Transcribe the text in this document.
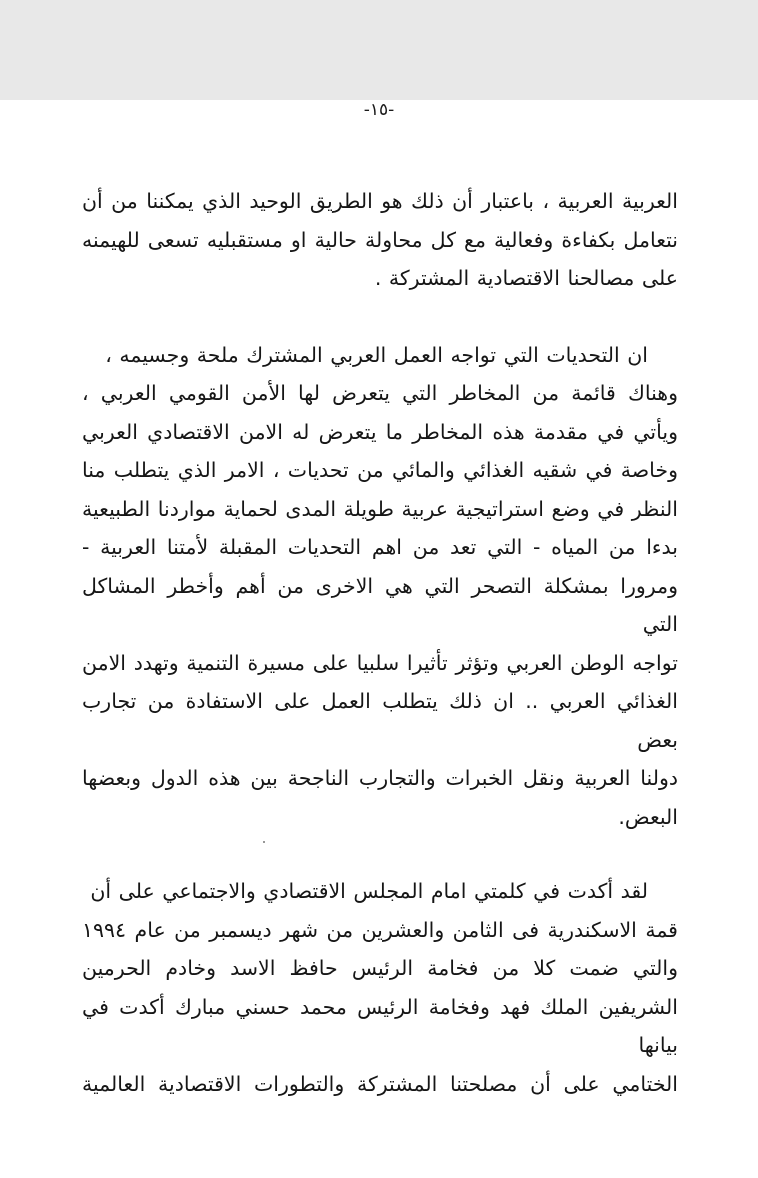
-١٥-
العربية العربية ، باعتبار أن ذلك هو الطريق الوحيد الذي يمكننا من أن
نتعامل بكفاءة وفعالية مع كل محاولة حالية او مستقبليه تسعى للهيمنه
على مصالحنا الاقتصادية المشتركة .
ان التحديات التي تواجه العمل العربي المشترك ملحة وجسيمه ،
وهناك قائمة من المخاطر التي يتعرض لها الأمن القومي العربي ،
ويأتي في مقدمة هذه المخاطر ما يتعرض له الامن الاقتصادي العربي
وخاصة في شقيه الغذائي والمائي من تحديات ، الامر الذي يتطلب منا
النظر في وضع استراتيجية عربية طويلة المدى لحماية مواردنا الطبيعية
بدءا من المياه - التي تعد من اهم التحديات المقبلة لأمتنا العربية -
ومرورا بمشكلة التصحر التي هي الاخرى من أهم وأخطر المشاكل التي
تواجه الوطن العربي وتؤثر تأثيرا سلبيا على مسيرة التنمية وتهدد الامن
الغذائي العربي .. ان ذلك يتطلب العمل على الاستفادة من تجارب بعض
دولنا العربية ونقل الخبرات والتجارب الناجحة بين هذه الدول وبعضها
البعض.
لقد أكدت في كلمتي امام المجلس الاقتصادي والاجتماعي على أن
قمة الاسكندرية فى الثامن والعشرين من شهر ديسمبر من عام ١٩٩٤
والتي ضمت كلا من فخامة الرئيس حافظ الاسد وخادم الحرمين
الشريفين الملك فهد وفخامة الرئيس محمد حسني مبارك أكدت في بيانها
الختامي على أن مصلحتنا المشتركة والتطورات الاقتصادية العالمية
